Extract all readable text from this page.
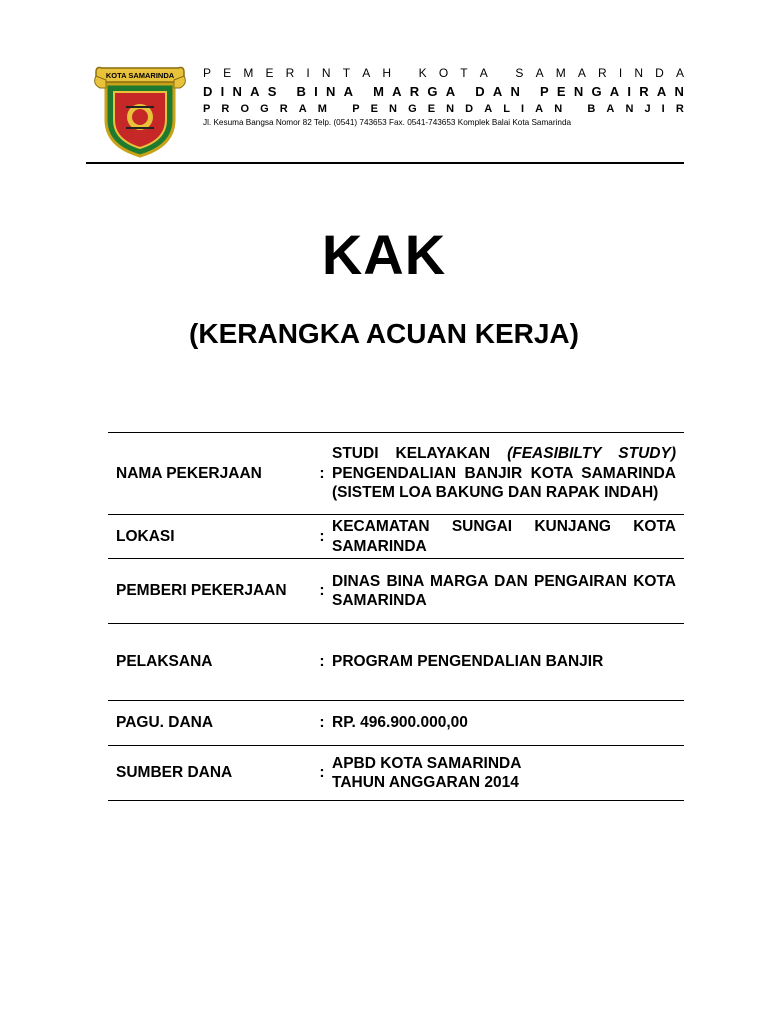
KOTA SAMARINDA P E M E R I N T A H
K O T A
S A M A R I N D A
D I N A S
B I N A
M A R G A
D A N
P E N G A I R A N
P R O G R A M
P E N G E N D A L I A N
B A N J I R
Jl. Kesuma Bangsa Nomor 82 Telp. (0541) 743653 Fax. 0541-743653 Komplek Balai Kota Samarinda
KAK
(KERANGKA ACUAN KERJA)
NAMA PEKERJAAN	:	STUDI KELAYAKAN (FEASIBILTY STUDY) PENGENDALIAN BANJIR KOTA SAMARINDA (SISTEM LOA BAKUNG DAN RAPAK INDAH)
LOKASI	:	KECAMATAN SUNGAI KUNJANG KOTA SAMARINDA
PEMBERI PEKERJAAN	:	DINAS BINA MARGA DAN PENGAIRAN KOTA SAMARINDA
PELAKSANA	:	PROGRAM PENGENDALIAN BANJIR
PAGU. DANA	:	RP. 496.900.000,00
SUMBER DANA	:	APBD KOTA SAMARINDA
TAHUN ANGGARAN 2014
